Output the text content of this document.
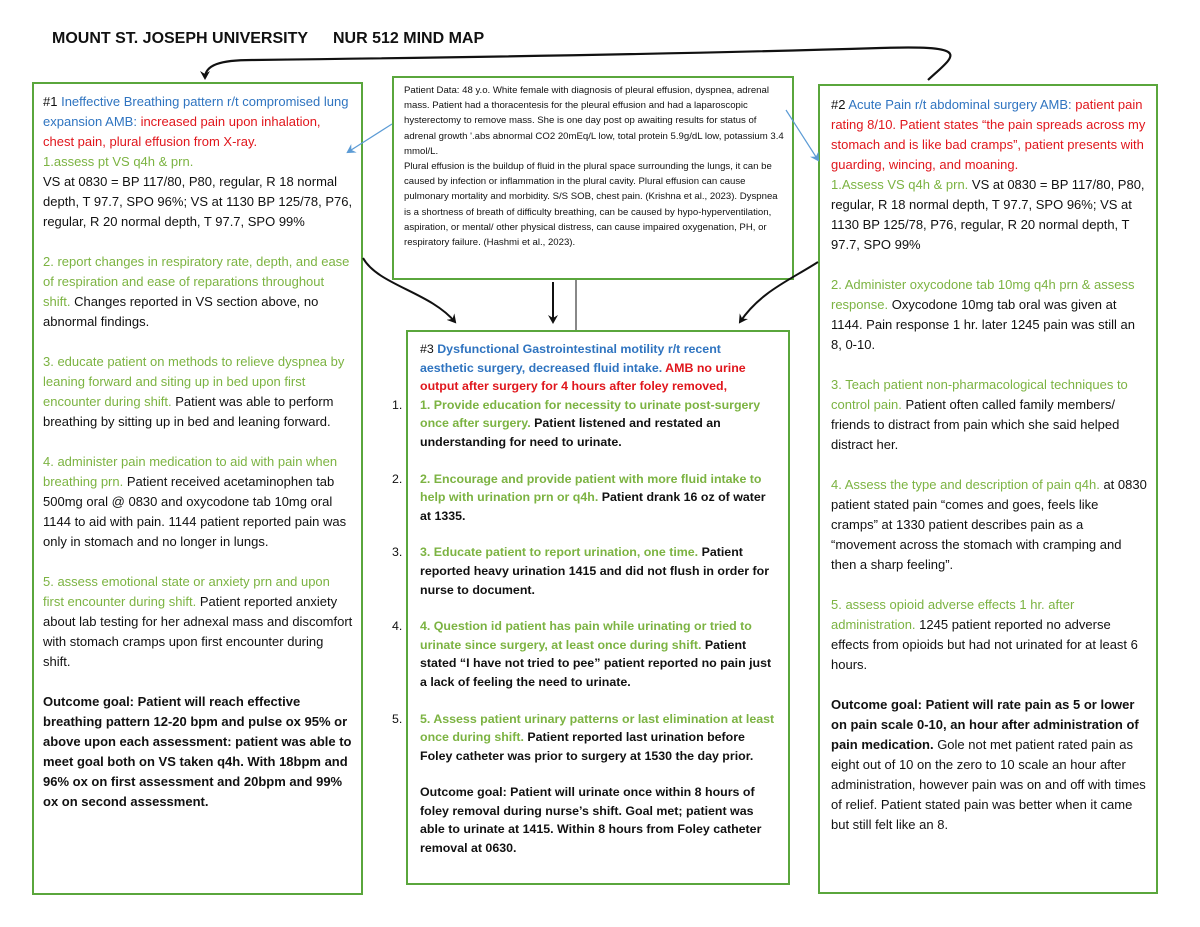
MOUNT ST. JOSEPH UNIVERSITY NUR 512 MIND MAP

#1 Ineffective Breathing pattern r/t compromised lung expansion AMB: increased pain upon inhalation, chest pain, plural effusion from X-ray.

1.assess pt VS q4h & prn.
VS at 0830 = BP 117/80, P80, regular, R 18 normal depth, T 97.7, SPO 96%; VS at 1130 BP 125/78, P76, regular, R 20 normal depth, T 97.7, SPO 99%

2. report changes in respiratory rate, depth, and ease of respiration and ease of reparations throughout shift. Changes reported in VS section above, no abnormal findings.

3. educate patient on methods to relieve dyspnea by leaning forward and siting up in bed upon first encounter during shift. Patient was able to perform breathing by sitting up in bed and leaning forward.

4. administer pain medication to aid with pain when breathing prn. Patient received acetaminophen tab 500mg oral @ 0830 and oxycodone tab 10mg oral 1144 to aid with pain. 1144 patient reported pain was only in stomach and no longer in lungs.

5. assess emotional state or anxiety prn and upon first encounter during shift. Patient reported anxiety about lab testing for her adnexal mass and discomfort with stomach cramps upon first encounter during shift.

Outcome goal: Patient will reach effective breathing pattern 12-20 bpm and pulse ox 95% or above upon each assessment: patient was able to meet goal both on VS taken q4h. With 18bpm and 96% ox on first assessment and 20bpm and 99% ox on second assessment.

Patient Data: 48 y.o. White female with diagnosis of pleural effusion, dyspnea, adrenal mass. Patient had a thoracentesis for the pleural effusion and had a laparoscopic hysterectomy to remove mass. She is one day post op awaiting results for status of adrenal growth '.abs abnormal CO2 20mEq/L low, total protein 5.9g/dL low, potassium 3.4 mmol/L.

Plural effusion is the buildup of fluid in the plural space surrounding the lungs, it can be caused by infection or inflammation in the plural cavity. Plural effusion can cause pulmonary mortality and morbidity. S/S SOB, chest pain. (Krishna et al., 2023). Dyspnea is a shortness of breath of difficulty breathing, can be caused by hypo-hyperventilation, aspiration, or mental/ other physical distress, can cause impaired oxygenation, PH, or respiratory failure. (Hashmi et al., 2023).

#2 Acute Pain r/t abdominal surgery AMB: patient pain rating 8/10. Patient states “the pain spreads across my stomach and is like bad cramps”, patient presents with guarding, wincing, and moaning.

1.Assess VS q4h & prn. VS at 0830 = BP 117/80, P80, regular, R 18 normal depth, T 97.7, SPO 96%; VS at 1130 BP 125/78, P76, regular, R 20 normal depth, T 97.7, SPO 99%

2. Administer oxycodone tab 10mg q4h prn & assess response. Oxycodone 10mg tab oral was given at 1144. Pain response 1 hr. later 1245 pain was still an 8, 0-10.

3. Teach patient non-pharmacological techniques to control pain. Patient often called family members/ friends to distract from pain which she said helped distract her.

4. Assess the type and description of pain q4h. at 0830 patient stated pain “comes and goes, feels like cramps” at 1330 patient describes pain as a “movement across the stomach with cramping and then a sharp feeling”.

5. assess opioid adverse effects 1 hr. after administration. 1245 patient reported no adverse effects from opioids but had not urinated for at least 6 hours.

Outcome goal: Patient will rate pain as 5 or lower on pain scale 0-10, an hour after administration of pain medication. Gole not met patient rated pain as eight out of 10 on the zero to 10 scale an hour after administration, however pain was on and off with times of relief. Patient stated pain was better when it came but still felt like an 8.

#3 Dysfunctional Gastrointestinal motility r/t recent aesthetic surgery, decreased fluid intake. AMB no urine output after surgery for 4 hours after foley removed,

1. 1. Provide education for necessity to urinate post-surgery once after surgery. Patient listened and restated an understanding for need to urinate.

2. 2. Encourage and provide patient with more fluid intake to help with urination prn or q4h. Patient drank 16 oz of water at 1335.

3. 3. Educate patient to report urination, one time. Patient reported heavy urination 1415 and did not flush in order for nurse to document.

4. 4. Question id patient has pain while urinating or tried to urinate since surgery, at least once during shift. Patient stated “I have not tried to pee” patient reported no pain just a lack of feeling the need to urinate.

5. 5. Assess patient urinary patterns or last elimination at least once during shift. Patient reported last urination before Foley catheter was prior to surgery at 1530 the day prior.

Outcome goal: Patient will urinate once within 8 hours of foley removal during nurse’s shift. Goal met; patient was able to urinate at 1415. Within 8 hours from Foley catheter removal at 0630.
